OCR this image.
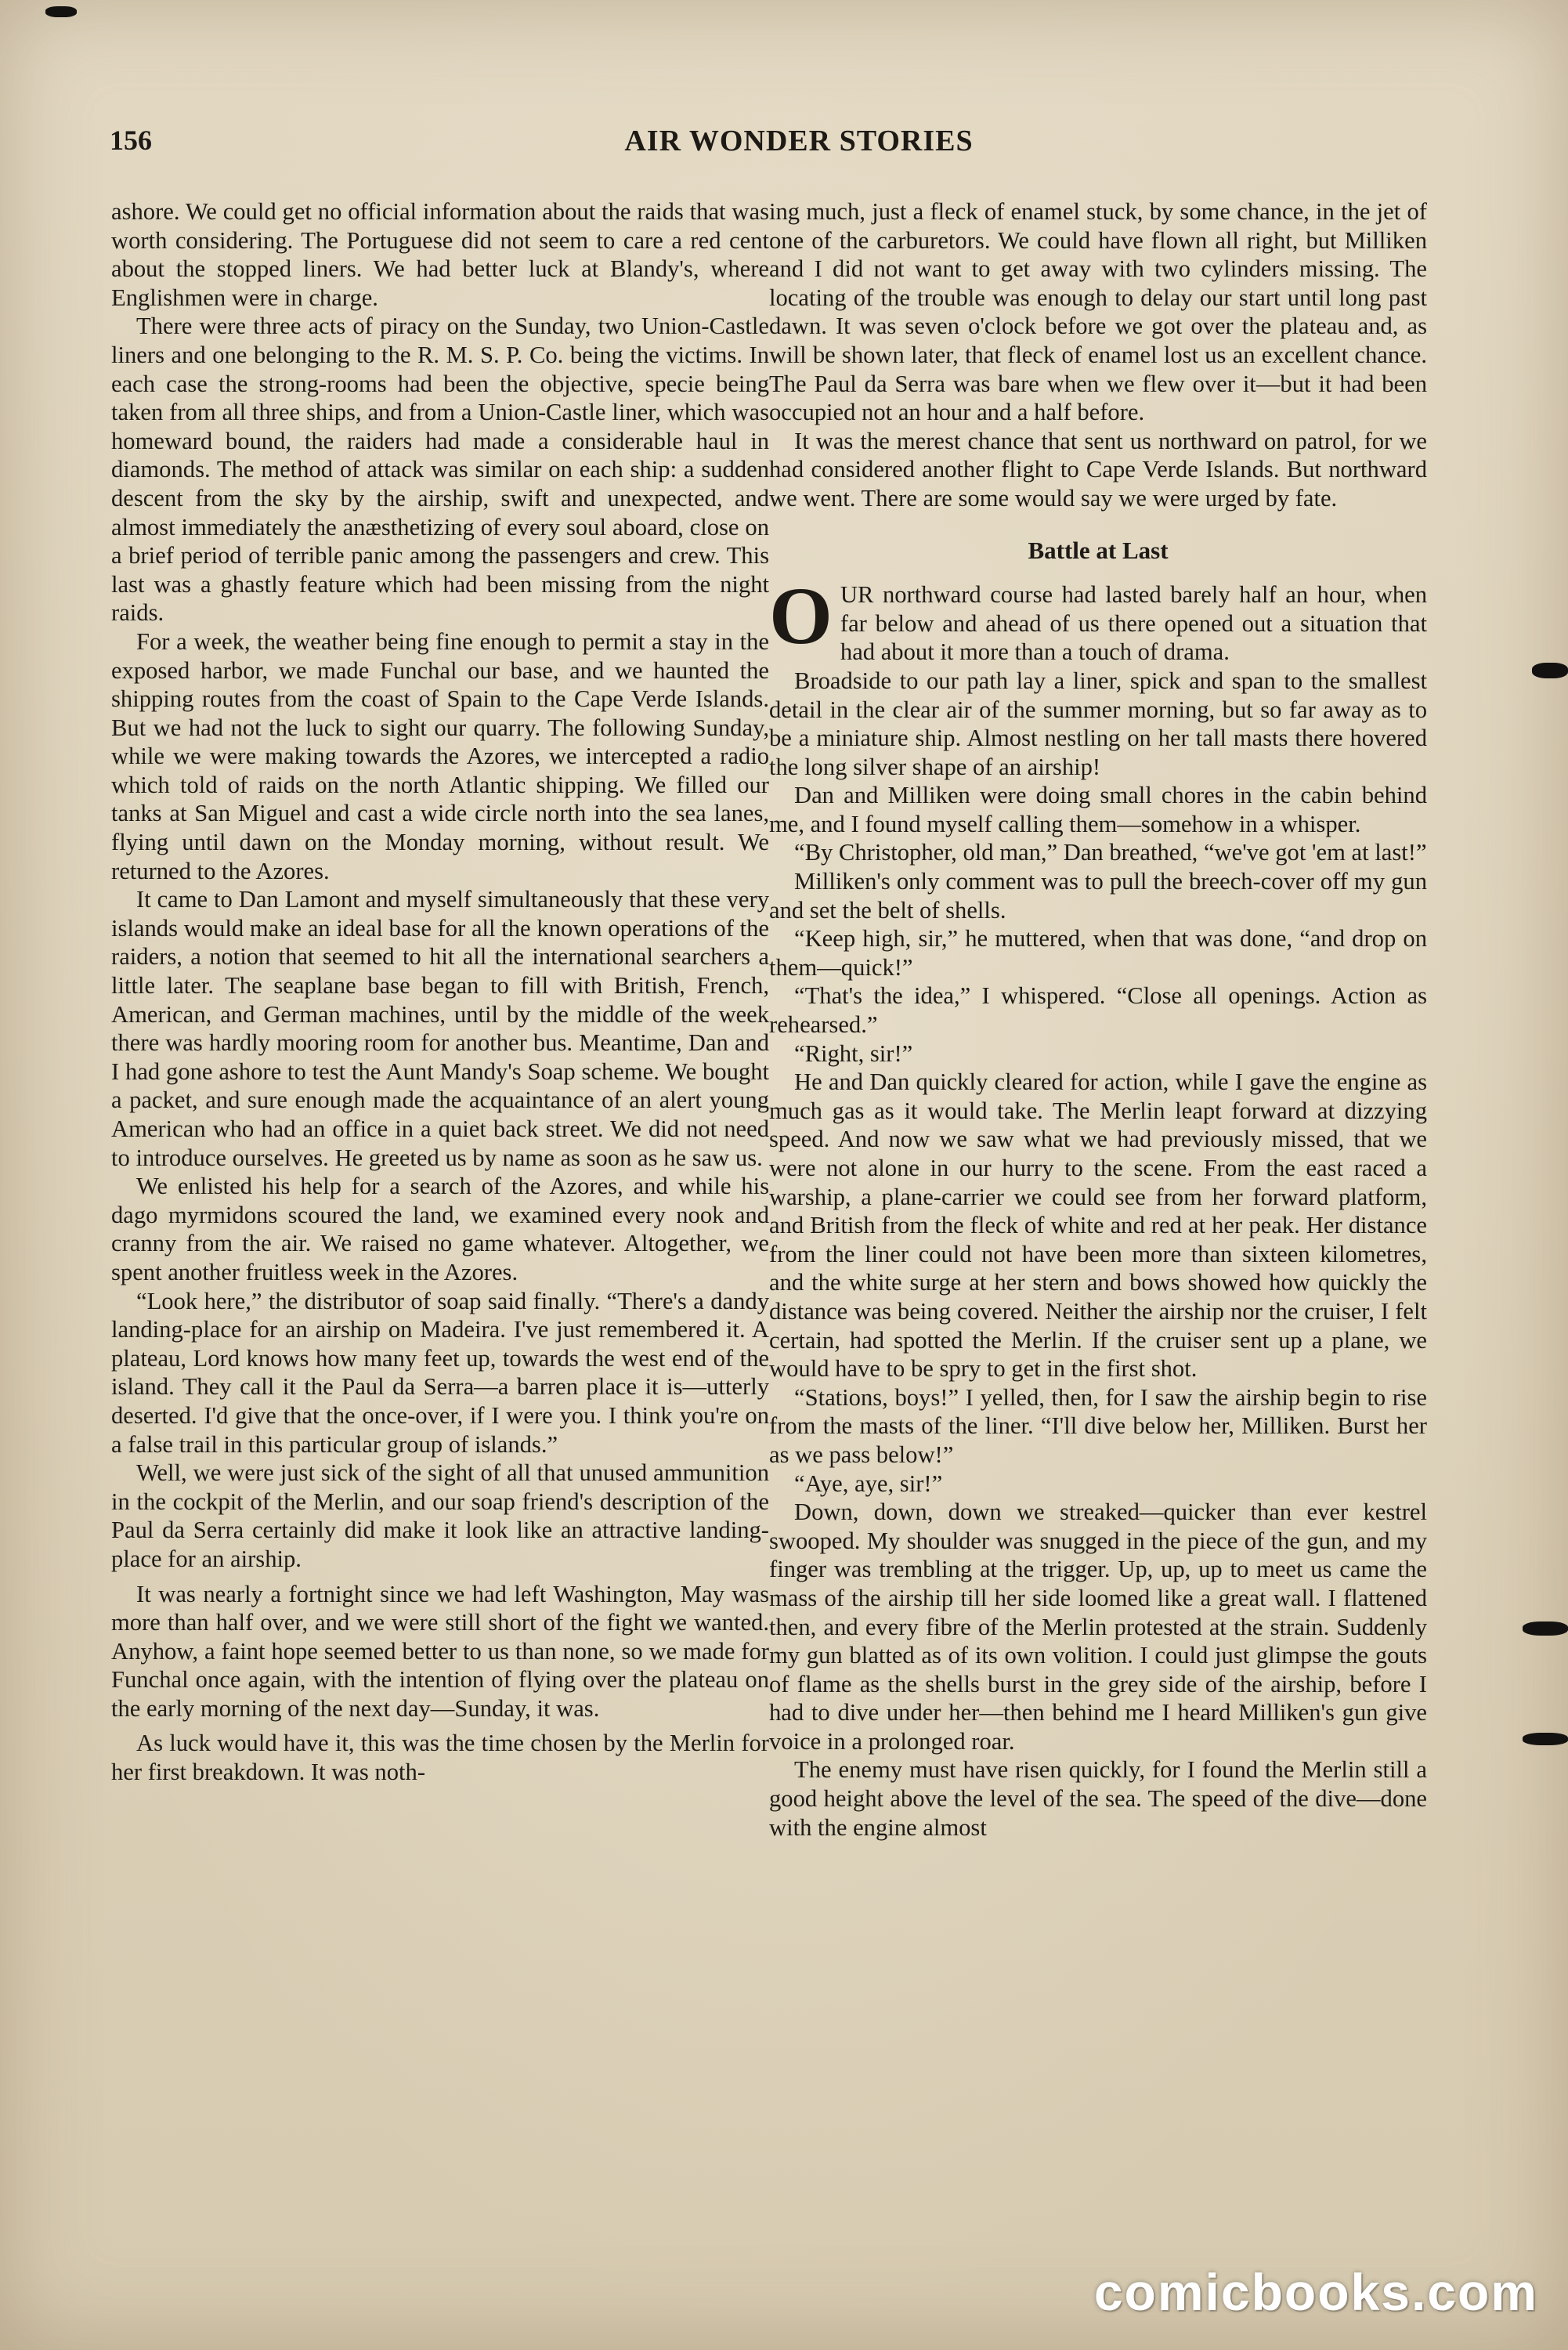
156	AIR WONDER STORIES

ashore. We could get no official information about the raids that was worth considering. The Portuguese did not seem to care a red cent about the stopped liners. We had better luck at Blandy's, where Englishmen were in charge.

There were three acts of piracy on the Sunday, two Union-Castle liners and one belonging to the R. M. S. P. Co. being the victims. In each case the strong-rooms had been the objective, specie being taken from all three ships, and from a Union-Castle liner, which was homeward bound, the raiders had made a considerable haul in diamonds. The method of attack was similar on each ship: a sudden descent from the sky by the airship, swift and unexpected, and almost immediately the anæsthetizing of every soul aboard, close on a brief period of terrible panic among the passengers and crew. This last was a ghastly feature which had been missing from the night raids.

For a week, the weather being fine enough to permit a stay in the exposed harbor, we made Funchal our base, and we haunted the shipping routes from the coast of Spain to the Cape Verde Islands. But we had not the luck to sight our quarry. The following Sunday, while we were making towards the Azores, we intercepted a radio which told of raids on the north Atlantic shipping. We filled our tanks at San Miguel and cast a wide circle north into the sea lanes, flying until dawn on the Monday morning, without result. We returned to the Azores.

It came to Dan Lamont and myself simultaneously that these very islands would make an ideal base for all the known operations of the raiders, a notion that seemed to hit all the international searchers a little later. The seaplane base began to fill with British, French, American, and German machines, until by the middle of the week there was hardly mooring room for another bus. Meantime, Dan and I had gone ashore to test the Aunt Mandy's Soap scheme. We bought a packet, and sure enough made the acquaintance of an alert young American who had an office in a quiet back street. We did not need to introduce ourselves. He greeted us by name as soon as he saw us.

We enlisted his help for a search of the Azores, and while his dago myrmidons scoured the land, we examined every nook and cranny from the air. We raised no game whatever. Altogether, we spent another fruitless week in the Azores.

“Look here,” the distributor of soap said finally. “There's a dandy landing-place for an airship on Madeira. I've just remembered it. A plateau, Lord knows how many feet up, towards the west end of the island. They call it the Paul da Serra—a barren place it is—utterly deserted. I'd give that the once-over, if I were you. I think you're on a false trail in this particular group of islands.”

Well, we were just sick of the sight of all that unused ammunition in the cockpit of the Merlin, and our soap friend's description of the Paul da Serra certainly did make it look like an attractive landing-place for an airship.

It was nearly a fortnight since we had left Washington, May was more than half over, and we were still short of the fight we wanted. Anyhow, a faint hope seemed better to us than none, so we made for Funchal once again, with the intention of flying over the plateau on the early morning of the next day—Sunday, it was.

As luck would have it, this was the time chosen by the Merlin for her first breakdown. It was noth-

ing much, just a fleck of enamel stuck, by some chance, in the jet of one of the carburetors. We could have flown all right, but Milliken and I did not want to get away with two cylinders missing. The locating of the trouble was enough to delay our start until long past dawn. It was seven o'clock before we got over the plateau and, as will be shown later, that fleck of enamel lost us an excellent chance. The Paul da Serra was bare when we flew over it—but it had been occupied not an hour and a half before.

It was the merest chance that sent us northward on patrol, for we had considered another flight to Cape Verde Islands. But northward we went. There are some would say we were urged by fate.

Battle at Last

OUR northward course had lasted barely half an hour, when far below and ahead of us there opened out a situation that had about it more than a touch of drama.

Broadside to our path lay a liner, spick and span to the smallest detail in the clear air of the summer morning, but so far away as to be a miniature ship. Almost nestling on her tall masts there hovered the long silver shape of an airship!

Dan and Milliken were doing small chores in the cabin behind me, and I found myself calling them—somehow in a whisper.

“By Christopher, old man,” Dan breathed, “we've got 'em at last!”

Milliken's only comment was to pull the breech-cover off my gun and set the belt of shells.

“Keep high, sir,” he muttered, when that was done, “and drop on them—quick!”

“That's the idea,” I whispered. “Close all openings. Action as rehearsed.”

“Right, sir!”

He and Dan quickly cleared for action, while I gave the engine as much gas as it would take. The Merlin leapt forward at dizzying speed. And now we saw what we had previously missed, that we were not alone in our hurry to the scene. From the east raced a warship, a plane-carrier we could see from her forward platform, and British from the fleck of white and red at her peak. Her distance from the liner could not have been more than sixteen kilometres, and the white surge at her stern and bows showed how quickly the distance was being covered. Neither the airship nor the cruiser, I felt certain, had spotted the Merlin. If the cruiser sent up a plane, we would have to be spry to get in the first shot.

“Stations, boys!” I yelled, then, for I saw the airship begin to rise from the masts of the liner. “I'll dive below her, Milliken. Burst her as we pass below!”

“Aye, aye, sir!”

Down, down, down we streaked—quicker than ever kestrel swooped. My shoulder was snugged in the piece of the gun, and my finger was trembling at the trigger. Up, up, up to meet us came the mass of the airship till her side loomed like a great wall. I flattened then, and every fibre of the Merlin protested at the strain. Suddenly my gun blatted as of its own volition. I could just glimpse the gouts of flame as the shells burst in the grey side of the airship, before I had to dive under her—then behind me I heard Milliken's gun give voice in a prolonged roar.

The enemy must have risen quickly, for I found the Merlin still a good height above the level of the sea. The speed of the dive—done with the engine almost

comicbooks.com
